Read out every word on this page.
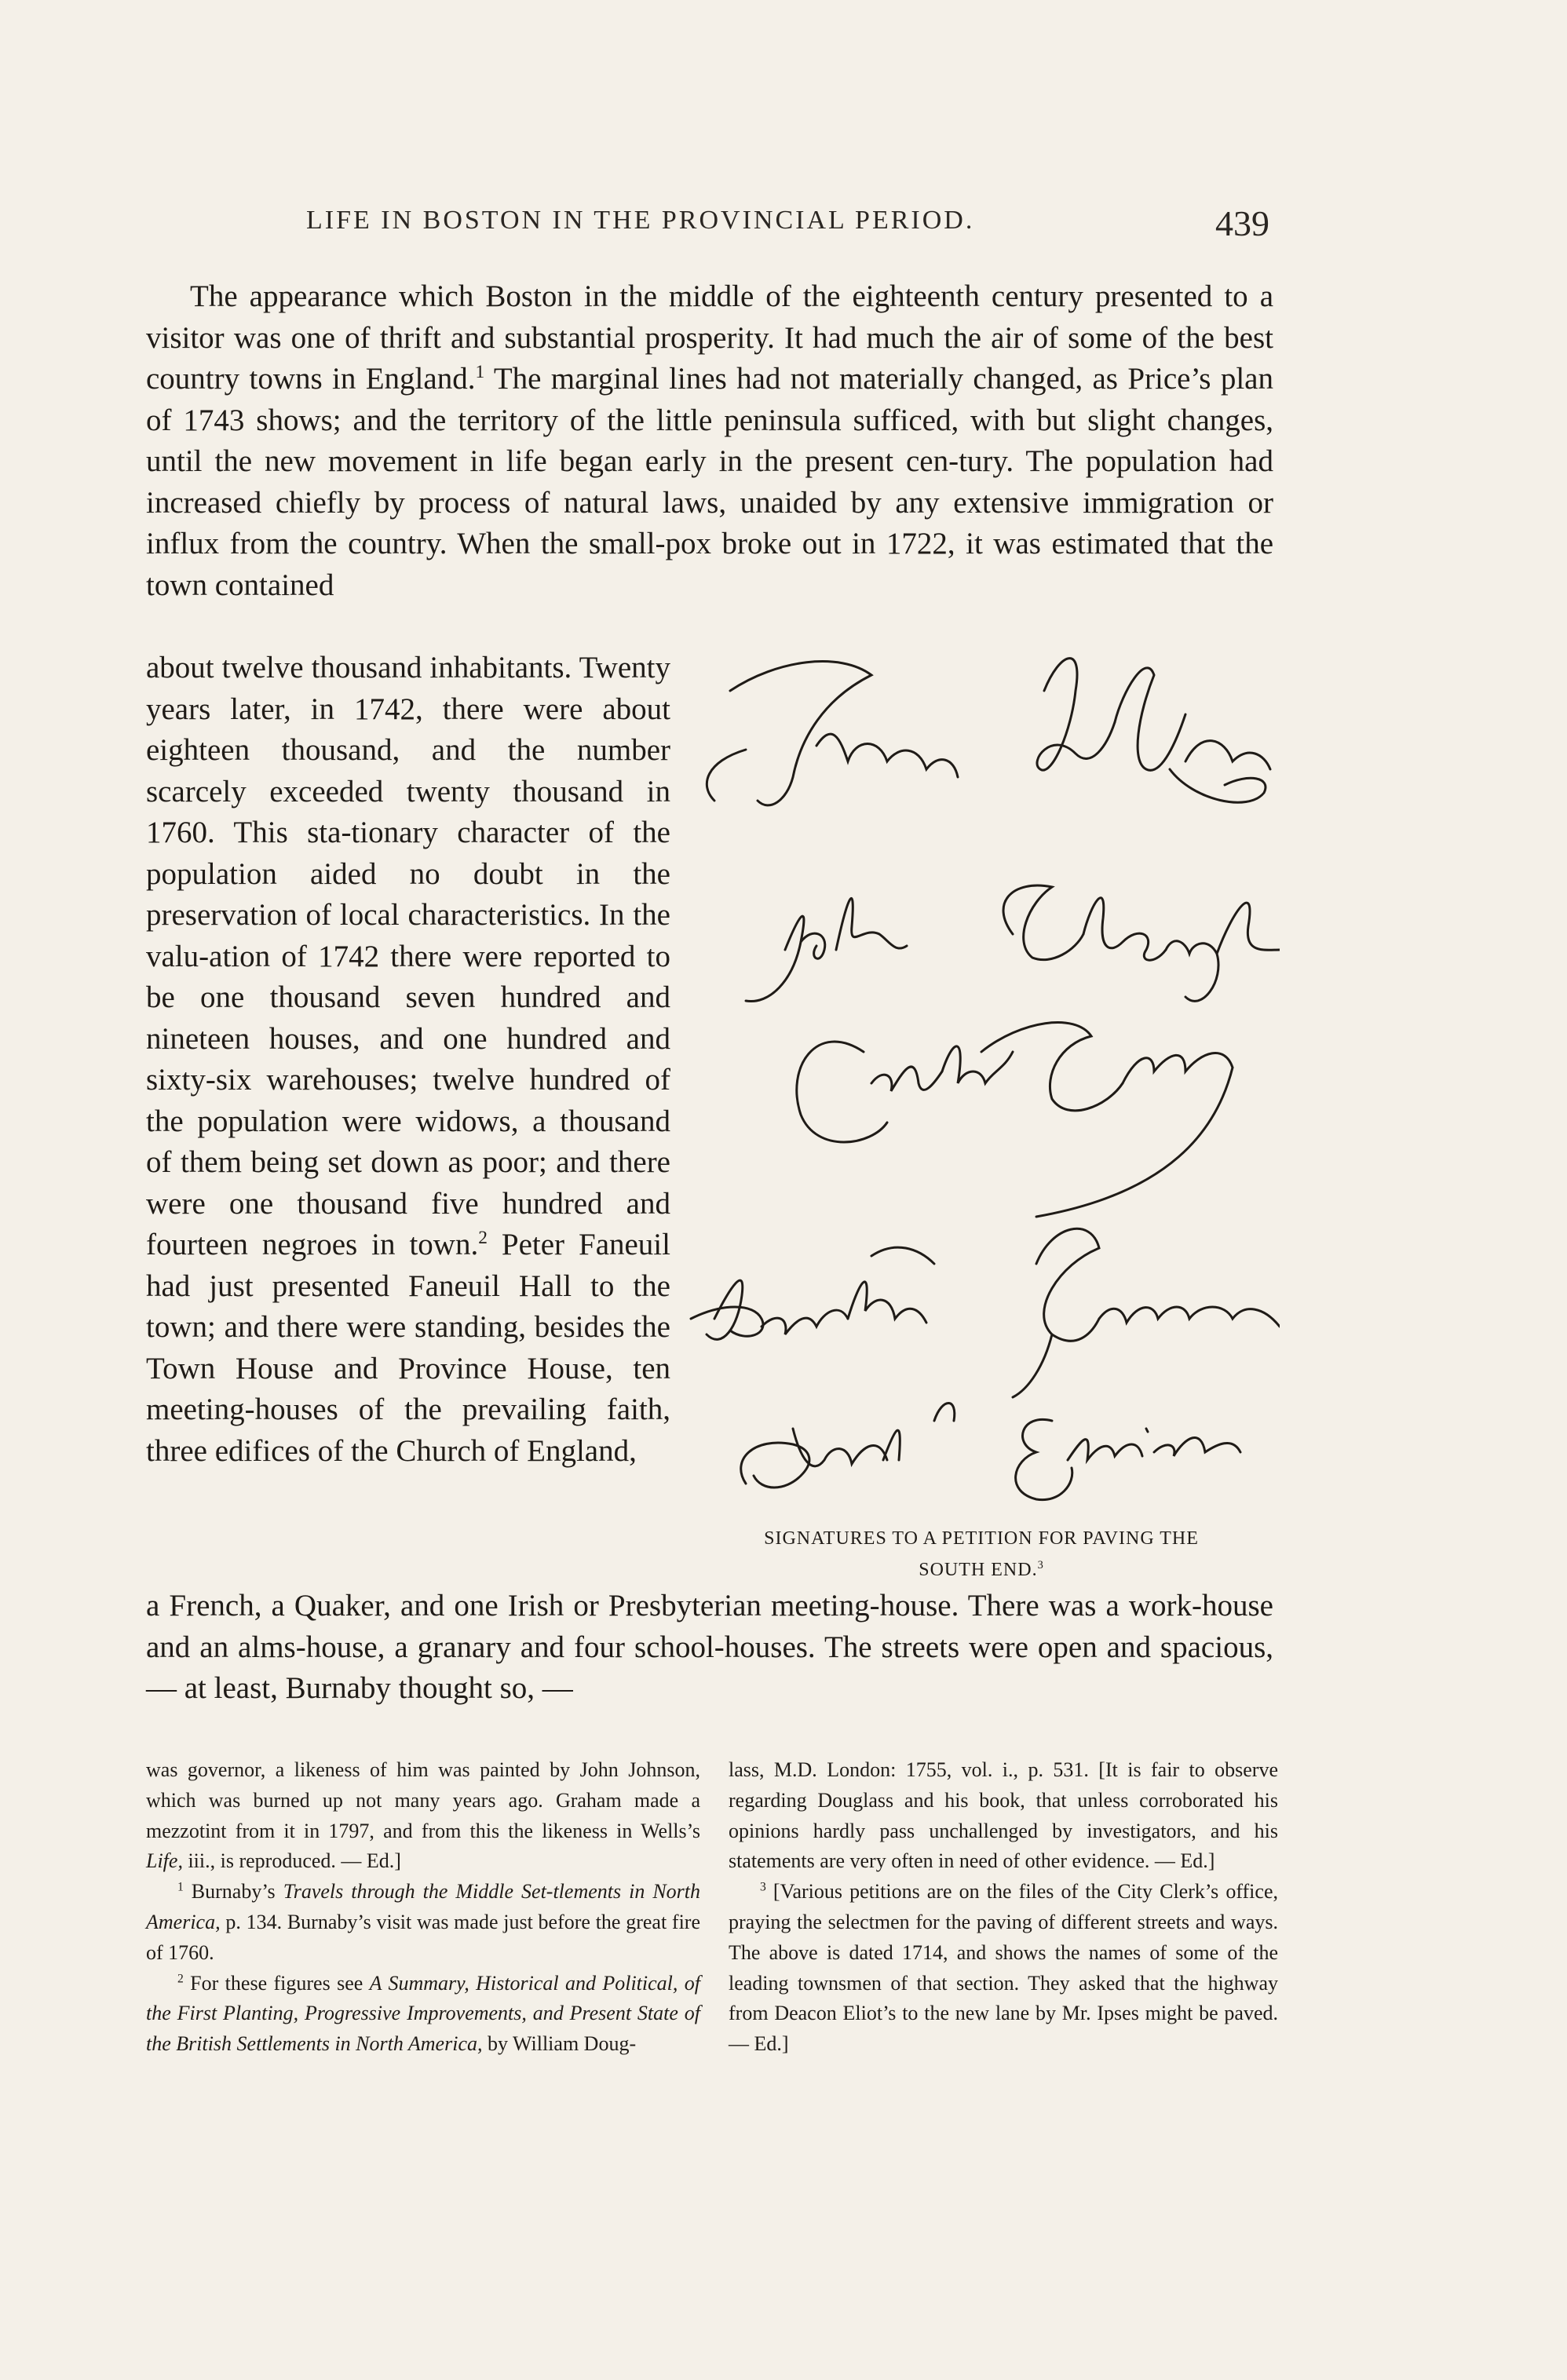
LIFE IN BOSTON IN THE PROVINCIAL PERIOD.	439

The appearance which Boston in the middle of the eighteenth century presented to a visitor was one of thrift and substantial prosperity. It had much the air of some of the best country towns in England.$^1$ The marginal lines had not materially changed, as Price’s plan of 1743 shows; and the territory of the little peninsula sufficed, with but slight changes, until the new movement in life began early in the present cen-tury. The population had increased chiefly by process of natural laws, unaided by any extensive immigration or influx from the country. When the small-pox broke out in 1722, it was estimated that the town contained

about twelve thousand inhabitants. Twenty years later, in 1742, there were about eighteen thousand, and the number scarcely exceeded twenty thousand in 1760. This sta-tionary character of the population aided no doubt in the preservation of local characteristics. In the valu-ation of 1742 there were reported to be one thousand seven hundred and nineteen houses, and one hundred and sixty-six warehouses; twelve hundred of the population were widows, a thousand of them being set down as poor; and there were one thousand five hundred and fourteen negroes in town.$^2$ Peter Faneuil had just presented Faneuil Hall to the town; and there were standing, besides the Town House and Province House, ten meeting-houses of the prevailing faith, three edifices of the Church of England,
SIGNATURES TO A PETITION FOR PAVING THE
SOUTH END.$^3$
a French, a Quaker, and one Irish or Presbyterian meeting-house. There was a work-house and an alms-house, a granary and four school-houses. The streets were open and spacious, — at least, Burnaby thought so, —

was governor, a likeness of him was painted by John Johnson, which was burned up not many years ago. Graham made a mezzotint from it in 1797, and from this the likeness in Wells’s Life, iii., is reproduced. — Ed.]

$^1$ Burnaby’s Travels through the Middle Set-tlements in North America, p. 134. Burnaby’s visit was made just before the great fire of 1760.

$^2$ For these figures see A Summary, Historical and Political, of the First Planting, Progressive Improvements, and Present State of the British Settlements in North America, by William Doug-

lass, M.D. London: 1755, vol. i., p. 531. [It is fair to observe regarding Douglass and his book, that unless corroborated his opinions hardly pass unchallenged by investigators, and his statements are very often in need of other evidence. — Ed.]

$^3$ [Various petitions are on the files of the City Clerk’s office, praying the selectmen for the paving of different streets and ways. The above is dated 1714, and shows the names of some of the leading townsmen of that section. They asked that the highway from Deacon Eliot’s to the new lane by Mr. Ipses might be paved. — Ed.]
